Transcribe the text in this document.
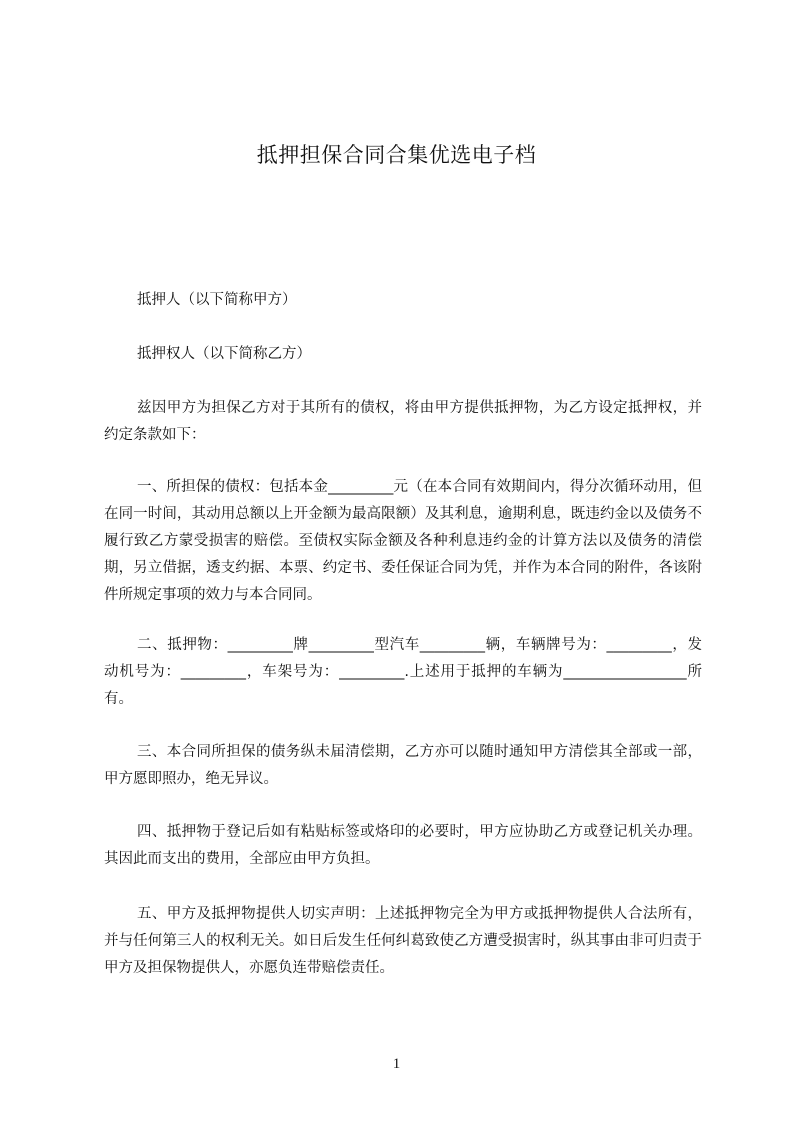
抵押担保合同合集优选电子档
抵押人（以下简称甲方）
抵押权人（以下简称乙方）
兹因甲方为担保乙方对于其所有的债权，将由甲方提供抵押物，为乙方设定抵押权，并约定条款如下：
一、所担保的债权：包括本金_________元（在本合同有效期间内，得分次循环动用，但在同一时间，其动用总额以上开金额为最高限额）及其利息，逾期利息，既违约金以及债务不履行致乙方蒙受损害的赔偿。至债权实际金额及各种利息违约金的计算方法以及债务的清偿期，另立借据，透支约据、本票、约定书、委任保证合同为凭，并作为本合同的附件，各该附件所规定事项的效力与本合同同。
二、抵押物：_________牌_________型汽车_________辆，车辆牌号为：_________，发动机号为：_________，车架号为：_________.上述用于抵押的车辆为_________________所有。
三、本合同所担保的债务纵未届清偿期，乙方亦可以随时通知甲方清偿其全部或一部，甲方愿即照办，绝无异议。
四、抵押物于登记后如有粘贴标签或烙印的必要时，甲方应协助乙方或登记机关办理。其因此而支出的费用，全部应由甲方负担。
五、甲方及抵押物提供人切实声明：上述抵押物完全为甲方或抵押物提供人合法所有，并与任何第三人的权利无关。如日后发生任何纠葛致使乙方遭受损害时，纵其事由非可归责于甲方及担保物提供人，亦愿负连带赔偿责任。
1
